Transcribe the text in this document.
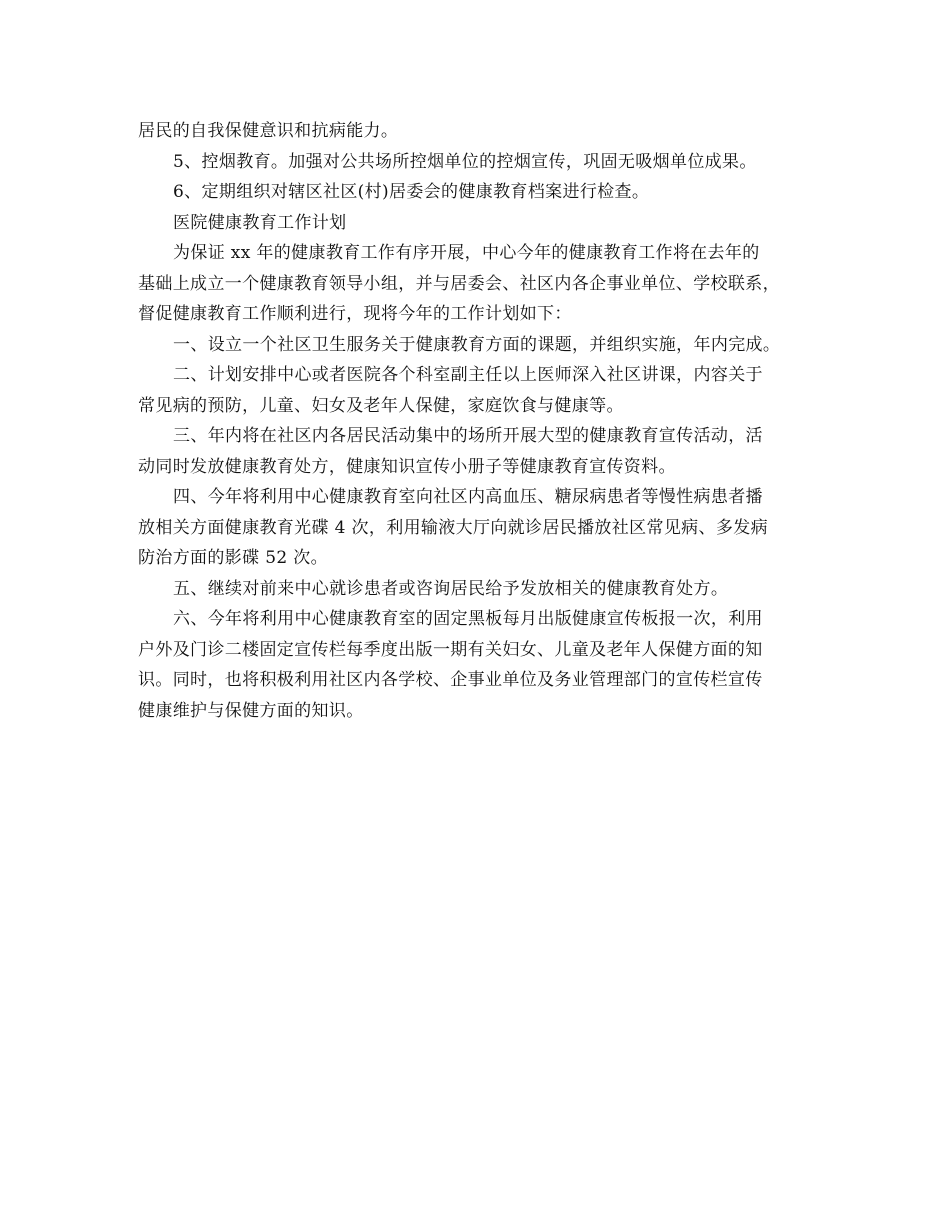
居民的自我保健意识和抗病能力。
5、控烟教育。加强对公共场所控烟单位的控烟宣传，巩固无吸烟单位成果。
6、定期组织对辖区社区(村)居委会的健康教育档案进行检查。
医院健康教育工作计划
为保证 xx 年的健康教育工作有序开展，中心今年的健康教育工作将在去年的
基础上成立一个健康教育领导小组，并与居委会、社区内各企事业单位、学校联系，
督促健康教育工作顺利进行，现将今年的工作计划如下：
一、设立一个社区卫生服务关于健康教育方面的课题，并组织实施，年内完成。
二、计划安排中心或者医院各个科室副主任以上医师深入社区讲课，内容关于
常见病的预防，儿童、妇女及老年人保健，家庭饮食与健康等。
三、年内将在社区内各居民活动集中的场所开展大型的健康教育宣传活动，活
动同时发放健康教育处方，健康知识宣传小册子等健康教育宣传资料。
四、今年将利用中心健康教育室向社区内高血压、糖尿病患者等慢性病患者播
放相关方面健康教育光碟 4 次，利用输液大厅向就诊居民播放社区常见病、多发病
防治方面的影碟 52 次。
五、继续对前来中心就诊患者或咨询居民给予发放相关的健康教育处方。
六、今年将利用中心健康教育室的固定黑板每月出版健康宣传板报一次，利用
户外及门诊二楼固定宣传栏每季度出版一期有关妇女、儿童及老年人保健方面的知
识。同时，也将积极利用社区内各学校、企事业单位及务业管理部门的宣传栏宣传
健康维护与保健方面的知识。
